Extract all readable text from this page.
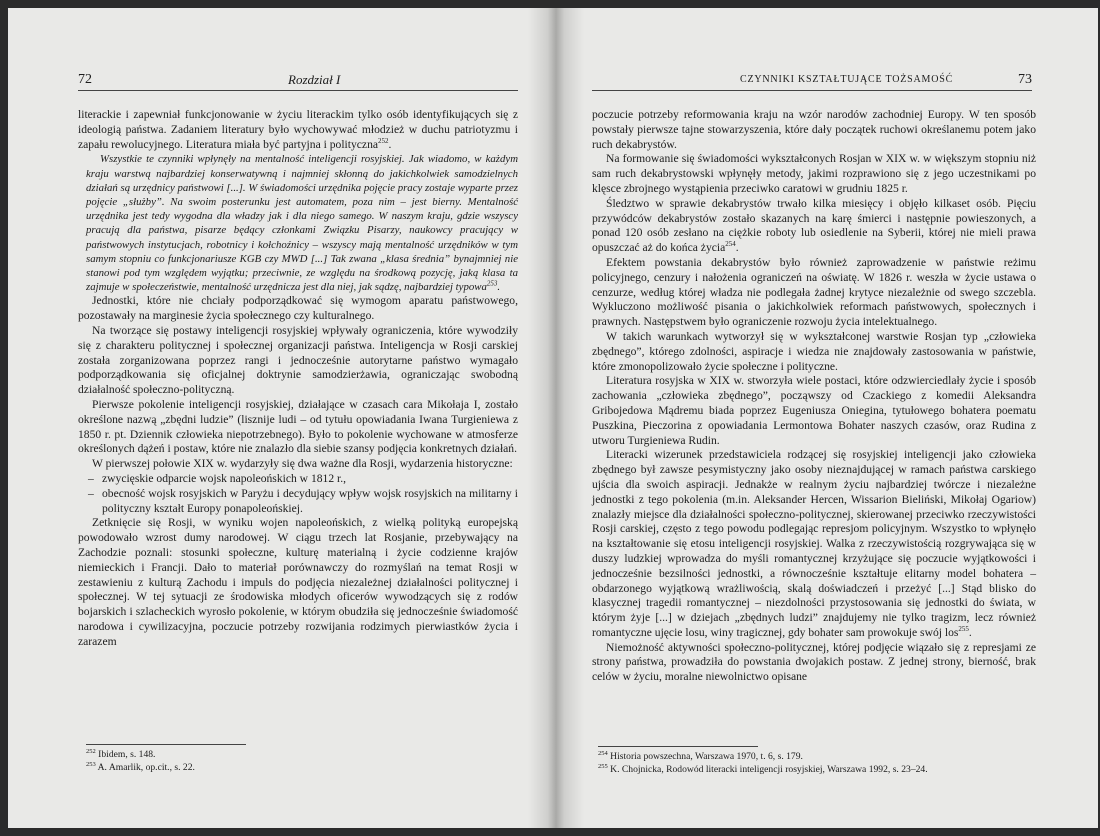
72	Rozdział I

literackie i zapewniał funkcjonowanie w życiu literackim tylko osób identyfikujących się z ideologią państwa. Zadaniem literatury było wychowywać młodzież w duchu patriotyzmu i zapału rewolucyjnego. Literatura miała być partyjna i polityczna$^{252}$.

Wszystkie te czynniki wpłynęły na mentalność inteligencji rosyjskiej. Jak wiadomo, w każdym kraju warstwą najbardziej konserwatywną i najmniej skłonną do jakichkolwiek samodzielnych działań są urzędnicy państwowi [...]. W świadomości urzędnika pojęcie pracy zostaje wyparte przez pojęcie „służby”. Na swoim posterunku jest automatem, poza nim – jest bierny. Mentalność urzędnika jest tedy wygodna dla władzy jak i dla niego samego. W naszym kraju, gdzie wszyscy pracują dla państwa, pisarze będący członkami Związku Pisarzy, naukowcy pracujący w państwowych instytucjach, robotnicy i kołchoźnicy – wszyscy mają mentalność urzędników w tym samym stopniu co funkcjonariusze KGB czy MWD [...] Tak zwana „klasa średnia” bynajmniej nie stanowi pod tym względem wyjątku; przeciwnie, ze względu na środkową pozycję, jaką klasa ta zajmuje w społeczeństwie, mentalność urzędnicza jest dla niej, jak sądzę, najbardziej typowa$^{253}$.

Jednostki, które nie chciały podporządkować się wymogom aparatu państwowego, pozostawały na marginesie życia społecznego czy kulturalnego.

Na tworzące się postawy inteligencji rosyjskiej wpływały ograniczenia, które wywodziły się z charakteru politycznej i społecznej organizacji państwa. Inteligencja w Rosji carskiej została zorganizowana poprzez rangi i jednocześnie autorytarne państwo wymagało podporządkowania się oficjalnej doktrynie samodzierżawia, ograniczając swobodną działalność społeczno-polityczną.

Pierwsze pokolenie inteligencji rosyjskiej, działające w czasach cara Mikołaja I, zostało określone nazwą „zbędni ludzie” (lisznije ludi – od tytułu opowiadania Iwana Turgieniewa z 1850 r. pt. Dziennik człowieka niepotrzebnego). Było to pokolenie wychowane w atmosferze określonych dążeń i postaw, które nie znalazło dla siebie szansy podjęcia konkretnych działań.

W pierwszej połowie XIX w. wydarzyły się dwa ważne dla Rosji, wydarzenia historyczne:

– zwycięskie odparcie wojsk napoleońskich w 1812 r.,
– obecność wojsk rosyjskich w Paryżu i decydujący wpływ wojsk rosyjskich na militarny i polityczny kształt Europy ponapoleońskiej.

Zetknięcie się Rosji, w wyniku wojen napoleońskich, z wielką polityką europejską powodowało wzrost dumy narodowej. W ciągu trzech lat Rosjanie, przebywający na Zachodzie poznali: stosunki społeczne, kulturę materialną i życie codzienne krajów niemieckich i Francji. Dało to materiał porównawczy do rozmyślań na temat Rosji w zestawieniu z kulturą Zachodu i impuls do podjęcia niezależnej działalności politycznej i społecznej. W tej sytuacji ze środowiska młodych oficerów wywodzących się z rodów bojarskich i szlacheckich wyrosło pokolenie, w którym obudziła się jednocześnie świadomość narodowa i cywilizacyjna, poczucie potrzeby rozwijania rodzimych pierwiastków życia i zarazem

$^{252}$ Ibidem, s. 148.
$^{253}$ A. Amarlik, op.cit., s. 22.
CZYNNIKI KSZTAŁTUJĄCE TOŻSAMOŚĆ	73

poczucie potrzeby reformowania kraju na wzór narodów zachodniej Europy. W ten sposób powstały pierwsze tajne stowarzyszenia, które dały początek ruchowi określanemu potem jako ruch dekabrystów.

Na formowanie się świadomości wykształconych Rosjan w XIX w. w większym stopniu niż sam ruch dekabrystowski wpłynęły metody, jakimi rozprawiono się z jego uczestnikami po klęsce zbrojnego wystąpienia przeciwko caratowi w grudniu 1825 r.

Śledztwo w sprawie dekabrystów trwało kilka miesięcy i objęło kilkaset osób. Pięciu przywódców dekabrystów zostało skazanych na karę śmierci i następnie powieszonych, a ponad 120 osób zesłano na ciężkie roboty lub osiedlenie na Syberii, której nie mieli prawa opuszczać aż do końca życia$^{254}$.

Efektem powstania dekabrystów było również zaprowadzenie w państwie reżimu policyjnego, cenzury i nałożenia ograniczeń na oświatę. W 1826 r. weszła w życie ustawa o cenzurze, według której władza nie podlegała żadnej krytyce niezależnie od swego szczebla. Wykluczono możliwość pisania o jakichkolwiek reformach państwowych, społecznych i prawnych. Następstwem było ograniczenie rozwoju życia intelektualnego.

W takich warunkach wytworzył się w wykształconej warstwie Rosjan typ „człowieka zbędnego”, którego zdolności, aspiracje i wiedza nie znajdowały zastosowania w państwie, które zmonopolizowało życie społeczne i polityczne.

Literatura rosyjska w XIX w. stworzyła wiele postaci, które odzwierciedlały życie i sposób zachowania „człowieka zbędnego”, począwszy od Czackiego z komedii Aleksandra Gribojedowa Mądremu biada poprzez Eugeniusza Oniegina, tytułowego bohatera poematu Puszkina, Pieczorina z opowiadania Lermontowa Bohater naszych czasów, oraz Rudina z utworu Turgieniewa Rudin.

Literacki wizerunek przedstawiciela rodzącej się rosyjskiej inteligencji jako człowieka zbędnego był zawsze pesymistyczny jako osoby nieznajdującej w ramach państwa carskiego ujścia dla swoich aspiracji. Jednakże w realnym życiu najbardziej twórcze i niezależne jednostki z tego pokolenia (m.in. Aleksander Hercen, Wissarion Bieliński, Mikołaj Ogariow) znalazły miejsce dla działalności społeczno-politycznej, skierowanej przeciwko rzeczywistości Rosji carskiej, często z tego powodu podlegając represjom policyjnym. Wszystko to wpłynęło na kształtowanie się etosu inteligencji rosyjskiej. Walka z rzeczywistością rozgrywająca się w duszy ludzkiej wprowadza do myśli romantycznej krzyżujące się poczucie wyjątkowości i jednocześnie bezsilności jednostki, a równocześnie kształtuje elitarny model bohatera – obdarzonego wyjątkową wrażliwością, skalą doświadczeń i przeżyć [...] Stąd blisko do klasycznej tragedii romantycznej – niezdolności przystosowania się jednostki do świata, w którym żyje [...] w dziejach „zbędnych ludzi” znajdujemy nie tylko tragizm, lecz również romantyczne ujęcie losu, winy tragicznej, gdy bohater sam prowokuje swój los$^{255}$.

Niemożność aktywności społeczno-politycznej, której podjęcie wiązało się z represjami ze strony państwa, prowadziła do powstania dwojakich postaw. Z jednej strony, bierność, brak celów w życiu, moralne niewolnictwo opisane

$^{254}$ Historia powszechna, Warszawa 1970, t. 6, s. 179.
$^{255}$ K. Chojnicka, Rodowód literacki inteligencji rosyjskiej, Warszawa 1992, s. 23–24.
